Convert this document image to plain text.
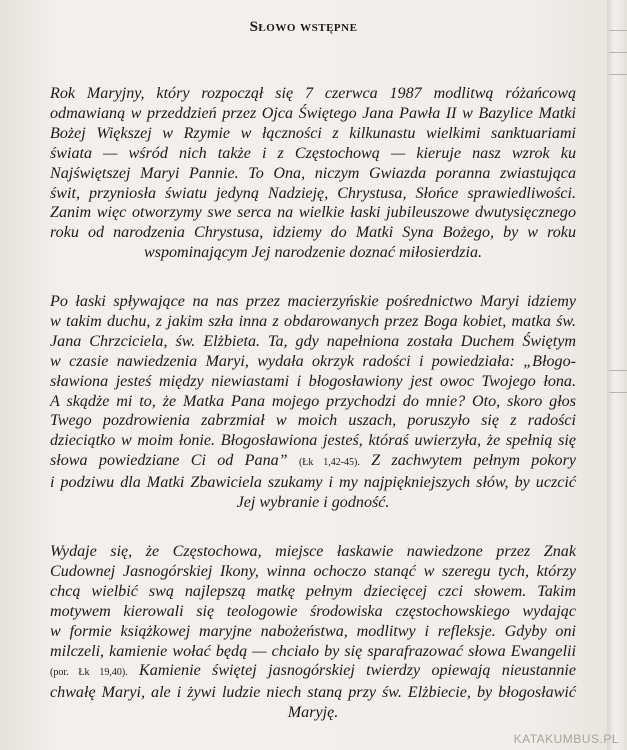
Słowo wstępne
Rok Maryjny, który rozpoczął się 7 czerwca 1987 modlitwą różańcową
odmawianą w przeddzień przez Ojca Świętego Jana Pawła II w Bazylice Matki
Bożej Większej w Rzymie w łączności z kilkunastu wielkimi sanktuariami
świata — wśród nich także i z Częstochową — kieruje nasz wzrok ku
Najświętszej Maryi Pannie. To Ona, niczym Gwiazda poranna zwiastująca
świt, przyniosła światu jedyną Nadzieję, Chrystusa, Słońce sprawiedliwości.
Zanim więc otworzymy swe serca na wielkie łaski jubileuszowe dwutysięcznego
roku od narodzenia Chrystusa, idziemy do Matki Syna Bożego, by w roku
wspominającym Jej narodzenie doznać miłosierdzia.
Po łaski spływające na nas przez macierzyńskie pośrednictwo Maryi idziemy
w takim duchu, z jakim szła inna z obdarowanych przez Boga kobiet, matka św.
Jana Chrzciciela, św. Elżbieta. Ta, gdy napełniona została Duchem Świętym
w czasie nawiedzenia Maryi, wydała okrzyk radości i powiedziała: „Błogo-
sławiona jesteś między niewiastami i błogosławiony jest owoc Twojego łona.
A skądże mi to, że Matka Pana mojego przychodzi do mnie? Oto, skoro głos
Twego pozdrowienia zabrzmiał w moich uszach, poruszyło się z radości
dzieciątko w moim łonie. Błogosławiona jesteś, któraś uwierzyła, że spełnią się
słowa powiedziane Ci od Pana” (Łk 1,42-45). Z zachwytem pełnym pokory
i podziwu dla Matki Zbawiciela szukamy i my najpiękniejszych słów, by uczcić
Jej wybranie i godność.
Wydaje się, że Częstochowa, miejsce łaskawie nawiedzone przez Znak
Cudownej Jasnogórskiej Ikony, winna ochoczo stanąć w szeregu tych, którzy
chcą wielbić swą najlepszą matkę pełnym dziecięcej czci słowem. Takim
motywem kierowali się teologowie środowiska częstochowskiego wydając
w formie książkowej maryjne nabożeństwa, modlitwy i refleksje. Gdyby oni
milczeli, kamienie wołać będą — chciało by się sparafrazować słowa Ewangelii
(por. Łk 19,40). Kamienie świętej jasnogórskiej twierdzy opiewają nieustannie
chwałę Maryi, ale i żywi ludzie niech staną przy św. Elżbiecie, by błogosławić
Maryję.
KATAKUMBUS.PL
